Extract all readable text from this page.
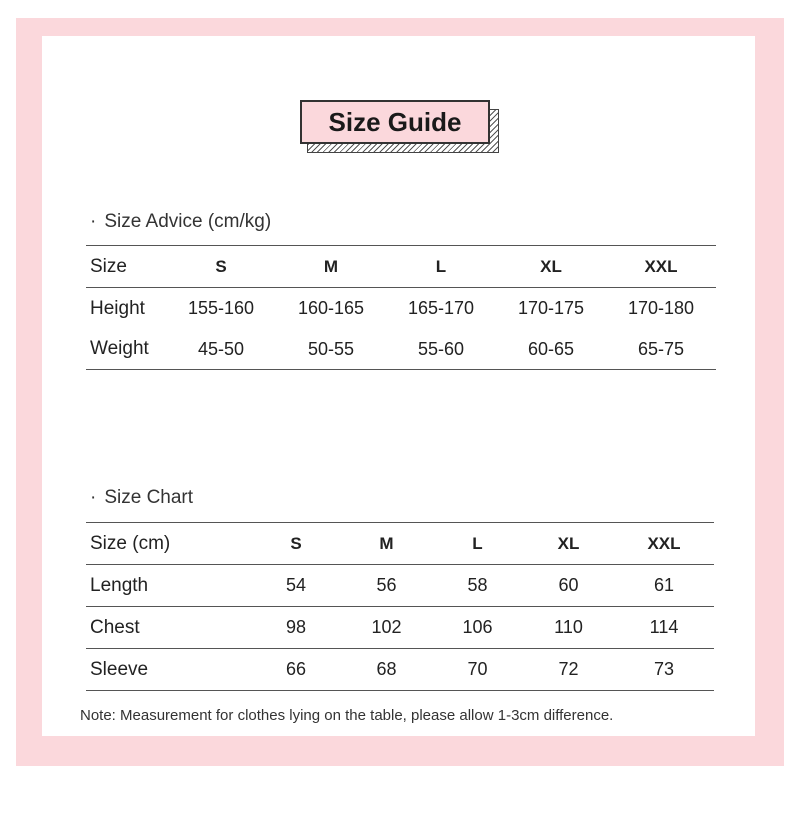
Size Guide
· Size Advice (cm/kg)
Size	S	M	L	XL	XXL
Height	155-160	160-165	165-170	170-175	170-180
Weight	45-50	50-55	55-60	60-65	65-75
· Size Chart
Size (cm)	S	M	L	XL	XXL
Length	54	56	58	60	61
Chest	98	102	106	110	114
Sleeve	66	68	70	72	73
Note: Measurement for clothes lying on the table, please allow 1-3cm difference.
